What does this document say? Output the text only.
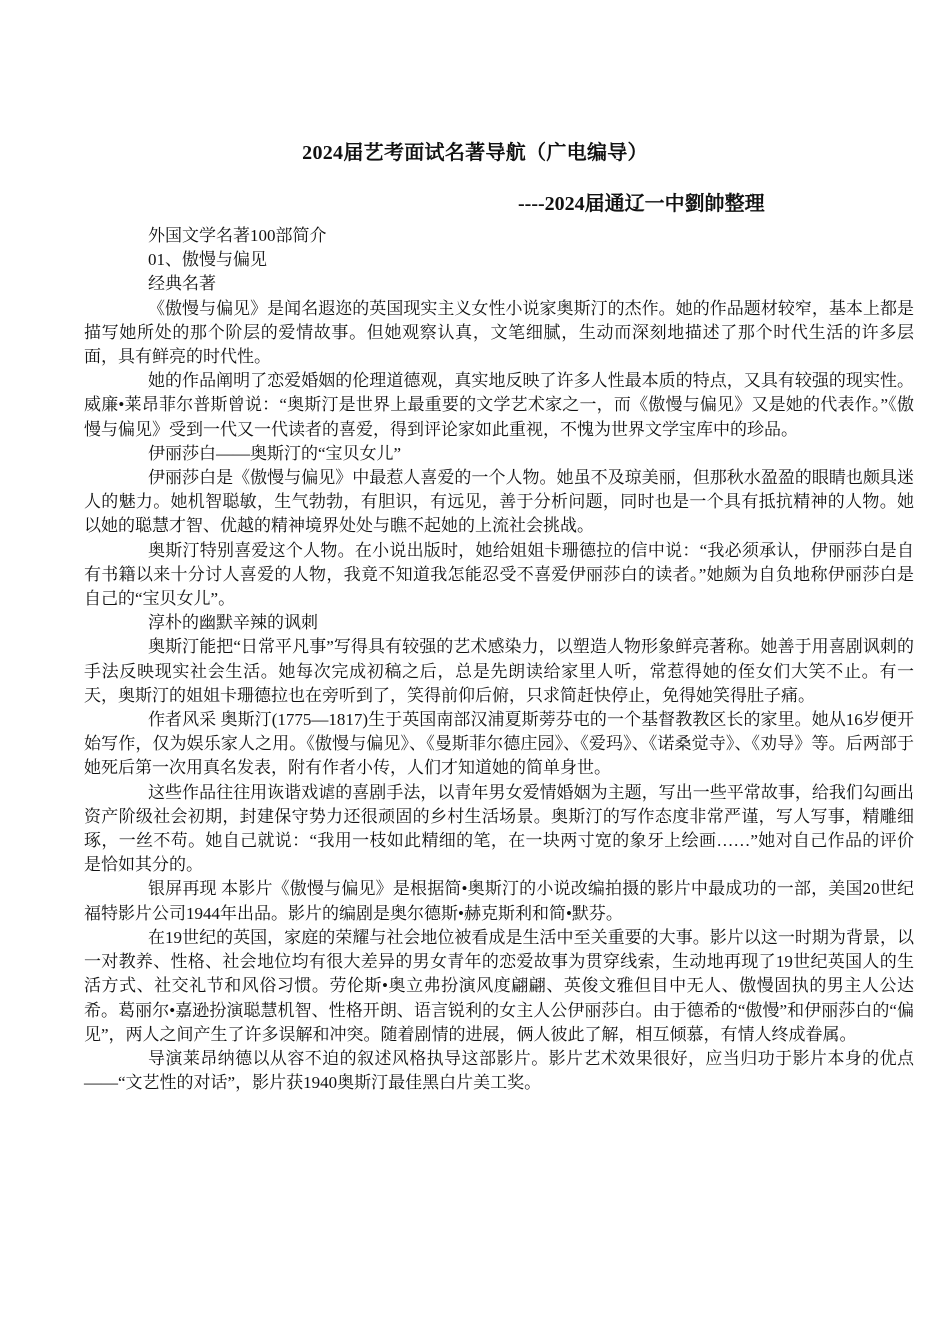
2024届艺考面试名著导航（广电编导）
----2024届通辽一中劉帥整理

外国文学名著100部简介

01、傲慢与偏见

经典名著

《傲慢与偏见》是闻名遐迩的英国现实主义女性小说家奥斯汀的杰作。她的作品题材较窄，基本上都是描写她所处的那个阶层的爱情故事。但她观察认真，文笔细腻，生动而深刻地描述了那个时代生活的许多层面，具有鲜亮的时代性。

她的作品阐明了恋爱婚姻的伦理道德观，真实地反映了许多人性最本质的特点，又具有较强的现实性。威廉•莱昂菲尔普斯曾说：“奥斯汀是世界上最重要的文学艺术家之一，而《傲慢与偏见》又是她的代表作。”《傲慢与偏见》受到一代又一代读者的喜爱，得到评论家如此重视，不愧为世界文学宝库中的珍品。

伊丽莎白——奥斯汀的“宝贝女儿”

伊丽莎白是《傲慢与偏见》中最惹人喜爱的一个人物。她虽不及琼美丽，但那秋水盈盈的眼睛也颇具迷人的魅力。她机智聪敏，生气勃勃，有胆识，有远见，善于分析问题，同时也是一个具有抵抗精神的人物。她以她的聪慧才智、优越的精神境界处处与瞧不起她的上流社会挑战。

奥斯汀特别喜爱这个人物。在小说出版时，她给姐姐卡珊德拉的信中说：“我必须承认，伊丽莎白是自有书籍以来十分讨人喜爱的人物，我竟不知道我怎能忍受不喜爱伊丽莎白的读者。”她颇为自负地称伊丽莎白是自己的“宝贝女儿”。

淳朴的幽默辛辣的讽刺

奥斯汀能把“日常平凡事”写得具有较强的艺术感染力，以塑造人物形象鲜亮著称。她善于用喜剧讽刺的手法反映现实社会生活。她每次完成初稿之后，总是先朗读给家里人听，常惹得她的侄女们大笑不止。有一天，奥斯汀的姐姐卡珊德拉也在旁听到了，笑得前仰后俯，只求简赶快停止，免得她笑得肚子痛。

作者风采 奥斯汀(1775—1817)生于英国南部汉浦夏斯蒡芬屯的一个基督教教区长的家里。她从16岁便开始写作，仅为娱乐家人之用。《傲慢与偏见》、《曼斯菲尔德庄园》、《爱玛》、《诺桑觉寺》、《劝导》等。后两部于她死后第一次用真名发表，附有作者小传，人们才知道她的简单身世。

这些作品往往用诙谐戏谑的喜剧手法，以青年男女爱情婚姻为主题，写出一些平常故事，给我们勾画出资产阶级社会初期，封建保守势力还很顽固的乡村生活场景。奥斯汀的写作态度非常严谨，写人写事，精雕细琢，一丝不苟。她自己就说：“我用一枝如此精细的笔，在一块两寸宽的象牙上绘画……”她对自己作品的评价是恰如其分的。

银屏再现 本影片《傲慢与偏见》是根据简•奥斯汀的小说改编拍摄的影片中最成功的一部，美国20世纪福特影片公司1944年出品。影片的编剧是奥尔德斯•赫克斯利和简•默芬。

在19世纪的英国，家庭的荣耀与社会地位被看成是生活中至关重要的大事。影片以这一时期为背景，以一对教养、性格、社会地位均有很大差异的男女青年的恋爱故事为贯穿线索，生动地再现了19世纪英国人的生活方式、社交礼节和风俗习惯。劳伦斯•奥立弗扮演风度翩翩、英俊文雅但目中无人、傲慢固执的男主人公达希。葛丽尔•嘉逊扮演聪慧机智、性格开朗、语言锐利的女主人公伊丽莎白。由于德希的“傲慢”和伊丽莎白的“偏见”，两人之间产生了许多误解和冲突。随着剧情的进展，俩人彼此了解，相互倾慕，有情人终成眷属。

导演莱昂纳德以从容不迫的叙述风格执导这部影片。影片艺术效果很好，应当归功于影片本身的优点——“文艺性的对话”，影片获1940奥斯汀最佳黑白片美工奖。
